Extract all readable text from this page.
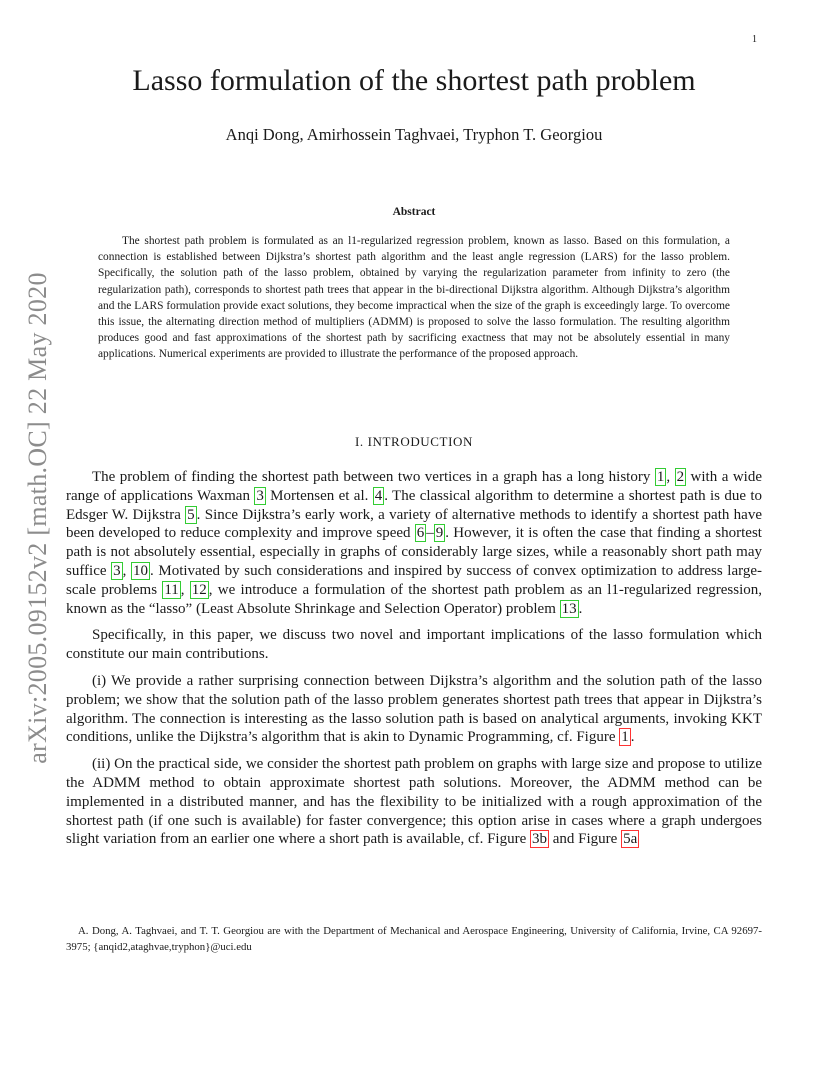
1
arXiv:2005.09152v2 [math.OC] 22 May 2020
Lasso formulation of the shortest path problem
Anqi Dong, Amirhossein Taghvaei, Tryphon T. Georgiou
Abstract
The shortest path problem is formulated as an l1-regularized regression problem, known as lasso. Based on this formulation, a connection is established between Dijkstra’s shortest path algorithm and the least angle regression (LARS) for the lasso problem. Specifically, the solution path of the lasso problem, obtained by varying the regularization parameter from infinity to zero (the regularization path), corresponds to shortest path trees that appear in the bi-directional Dijkstra algorithm. Although Dijkstra’s algorithm and the LARS formulation provide exact solutions, they become impractical when the size of the graph is exceedingly large. To overcome this issue, the alternating direction method of multipliers (ADMM) is proposed to solve the lasso formulation. The resulting algorithm produces good and fast approximations of the shortest path by sacrificing exactness that may not be absolutely essential in many applications. Numerical experiments are provided to illustrate the performance of the proposed approach.
I. INTRODUCTION

The problem of finding the shortest path between two vertices in a graph has a long history 1 , 2 with a wide range of applications Waxman 3 Mortensen et al. 4 . The classical algorithm to determine a shortest path is due to Edsger W. Dijkstra 5 . Since Dijkstra’s early work, a variety of alternative methods to identify a shortest path have been developed to reduce complexity and improve speed 6 – 9 . However, it is often the case that finding a shortest path is not absolutely essential, especially in graphs of considerably large sizes, while a reasonably short path may suffice 3 , 10 . Motivated by such considerations and inspired by success of convex optimization to address large-scale problems 11 , 12 , we introduce a formulation of the shortest path problem as an l1-regularized regression, known as the “lasso” (Least Absolute Shrinkage and Selection Operator) problem 13 .

Specifically, in this paper, we discuss two novel and important implications of the lasso formulation which constitute our main contributions.

(i) We provide a rather surprising connection between Dijkstra’s algorithm and the solution path of the lasso problem; we show that the solution path of the lasso problem generates shortest path trees that appear in Dijkstra’s algorithm. The connection is interesting as the lasso solution path is based on analytical arguments, invoking KKT conditions, unlike the Dijkstra’s algorithm that is akin to Dynamic Programming, cf. Figure 1 .

(ii) On the practical side, we consider the shortest path problem on graphs with large size and propose to utilize the ADMM method to obtain approximate shortest path solutions. Moreover, the ADMM method can be implemented in a distributed manner, and has the flexibility to be initialized with a rough approximation of the shortest path (if one such is available) for faster convergence; this option arise in cases where a graph undergoes slight variation from an earlier one where a short path is available, cf. Figure 3b and Figure 5a

A. Dong, A. Taghvaei, and T. T. Georgiou are with the Department of Mechanical and Aerospace Engineering, University of California, Irvine, CA 92697-3975; {anqid2,ataghvae,tryphon}@uci.edu
